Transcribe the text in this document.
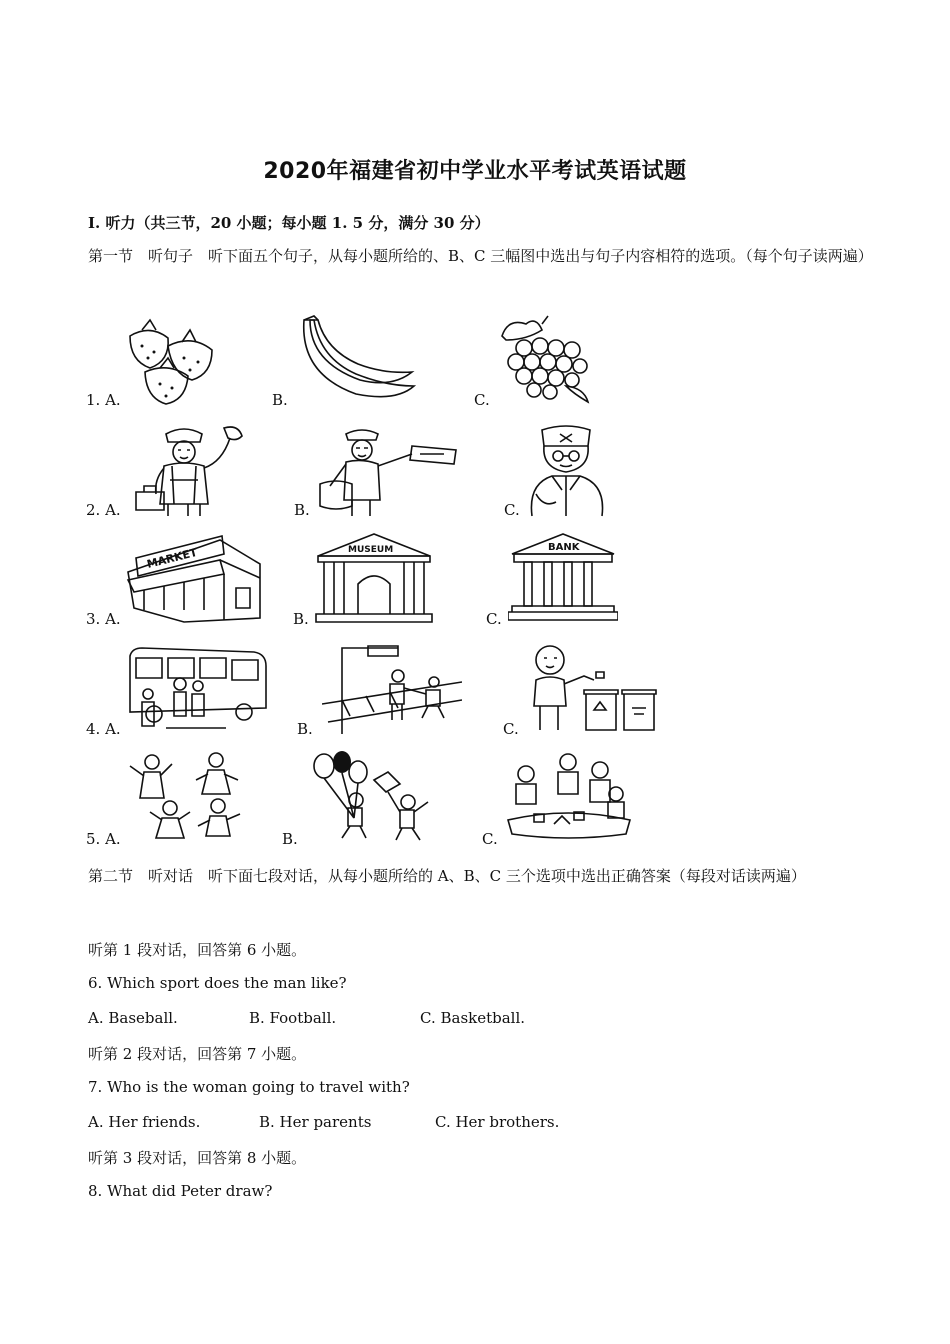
2020年福建省初中学业水平考试英语试题
Ⅰ. 听力（共三节，20 小题；每小题 1. 5 分，满分 30 分）
第一节　听句子　听下面五个句子，从每小题所给的、B、C 三幅图中选出与句子内容相符的选项。（每个句子读两遍）
1. A.	B.	C.
2. A.	B.	C.
3. A.
MARKET
B.
MUSEUM
C.
BANK
4. A.	B.	C.
5. A.	B.	C.
第二节　听对话　听下面七段对话，从每小题所给的 A、B、C 三个选项中选出正确答案（每段对话读两遍）
听第 1 段对话，回答第 6 小题。
6. Which sport does the man like?
A. Baseball.	B. Football.	C. Basketball.
听第 2 段对话，回答第 7 小题。
7. Who is the woman going to travel with?
A. Her friends.	B. Her parents	C. Her brothers.
听第 3 段对话，回答第 8 小题。
8. What did Peter draw?
